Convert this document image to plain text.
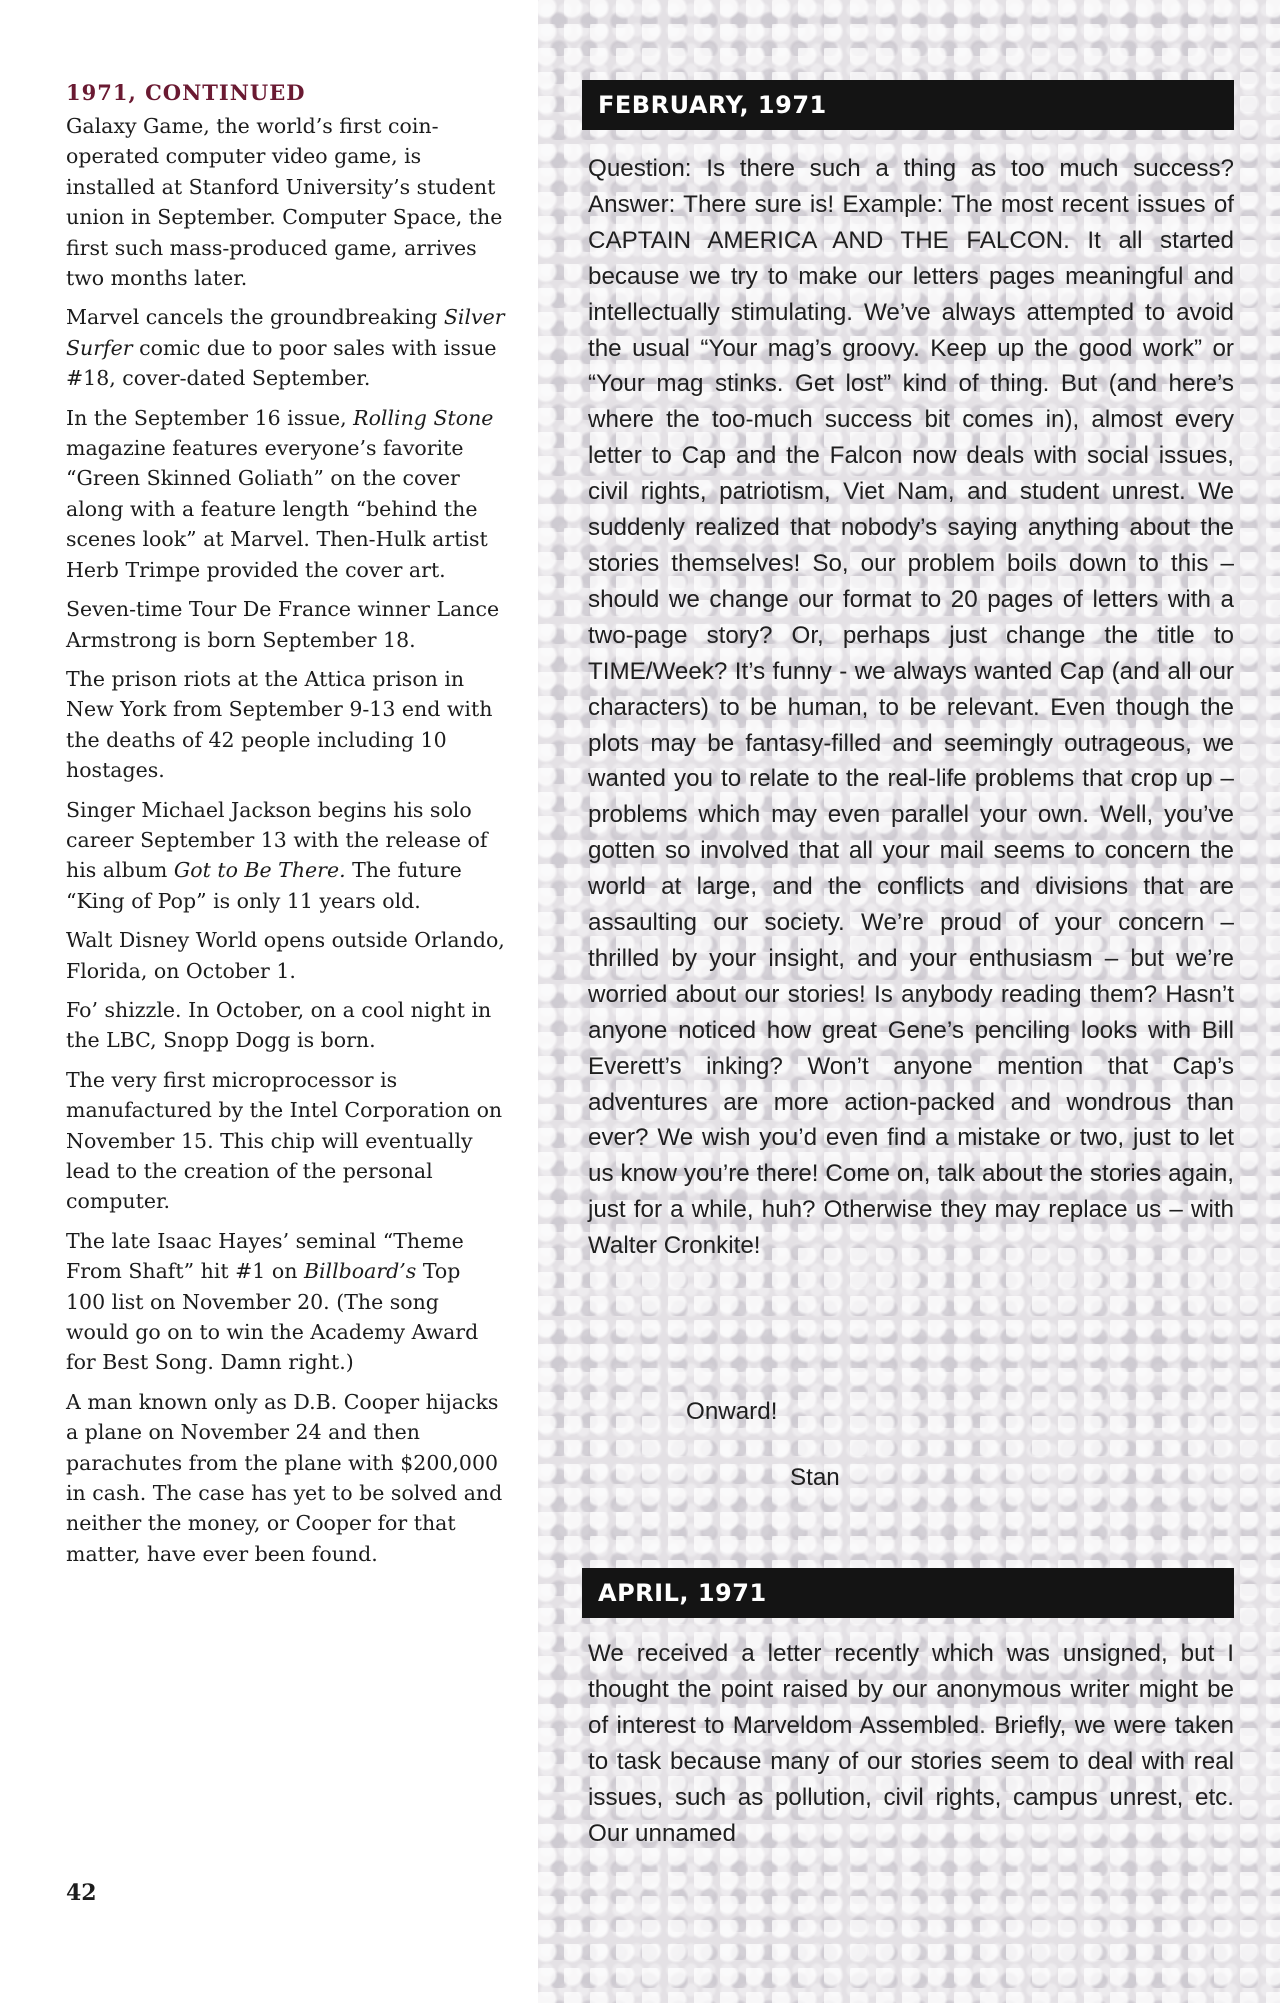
1971, CONTINUED

Galaxy Game, the world’s first coin-operated computer video game, is installed at Stanford University’s student union in September. Computer Space, the first such mass-produced game, arrives two months later.

Marvel cancels the groundbreaking Silver Surfer comic due to poor sales with issue #18, cover-dated September.

In the September 16 issue, Rolling Stone magazine features everyone’s favorite “Green Skinned Goliath” on the cover along with a feature length “behind the scenes look” at Marvel. Then-Hulk artist Herb Trimpe provided the cover art.

Seven-time Tour De France winner Lance Armstrong is born September 18.

The prison riots at the Attica prison in New York from September 9-13 end with the deaths of 42 people including 10 hostages.

Singer Michael Jackson begins his solo career September 13 with the release of his album Got to Be There. The future “King of Pop” is only 11 years old.

Walt Disney World opens outside Orlando, Florida, on October 1.

Fo’ shizzle. In October, on a cool night in the LBC, Snopp Dogg is born.

The very first microprocessor is manufactured by the Intel Corporation on November 15. This chip will eventually lead to the creation of the personal computer.

The late Isaac Hayes’ seminal “Theme From Shaft” hit #1 on Billboard’s Top 100 list on November 20. (The song would go on to win the Academy Award for Best Song. Damn right.)

A man known only as D.B. Cooper hijacks a plane on November 24 and then parachutes from the plane with $200,000 in cash. The case has yet to be solved and neither the money, or Cooper for that matter, have ever been found.

42
FEBRUARY, 1971

Question: Is there such a thing as too much success? Answer: There sure is! Example: The most recent issues of CAPTAIN AMERICA AND THE FALCON. It all started because we try to make our letters pages meaningful and intellectually stimulating. We’ve always attempted to avoid the usual “Your mag’s groovy. Keep up the good work” or “Your mag stinks. Get lost” kind of thing. But (and here’s where the too-much success bit comes in), almost every letter to Cap and the Falcon now deals with social issues, civil rights, patriotism, Viet Nam, and student unrest. We suddenly realized that nobody’s saying anything about the stories themselves! So, our problem boils down to this – should we change our format to 20 pages of letters with a two-page story? Or, perhaps just change the title to TIME/Week? It’s funny - we always wanted Cap (and all our characters) to be human, to be relevant. Even though the plots may be fantasy-filled and seemingly outrageous, we wanted you to relate to the real-life problems that crop up – problems which may even parallel your own. Well, you’ve gotten so involved that all your mail seems to concern the world at large, and the conflicts and divisions that are assaulting our society. We’re proud of your concern – thrilled by your insight, and your enthusiasm – but we’re worried about our stories! Is anybody reading them? Hasn’t anyone noticed how great Gene’s penciling looks with Bill Everett’s inking? Won’t anyone mention that Cap’s adventures are more action-packed and wondrous than ever? We wish you’d even find a mistake or two, just to let us know you’re there! Come on, talk about the stories again, just for a while, huh? Otherwise they may replace us – with Walter Cronkite!

Onward!
Stan
APRIL, 1971

We received a letter recently which was unsigned, but I thought the point raised by our anonymous writer might be of interest to Marveldom Assembled. Briefly, we were taken to task because many of our stories seem to deal with real issues, such as pollution, civil rights, campus unrest, etc. Our unnamed
